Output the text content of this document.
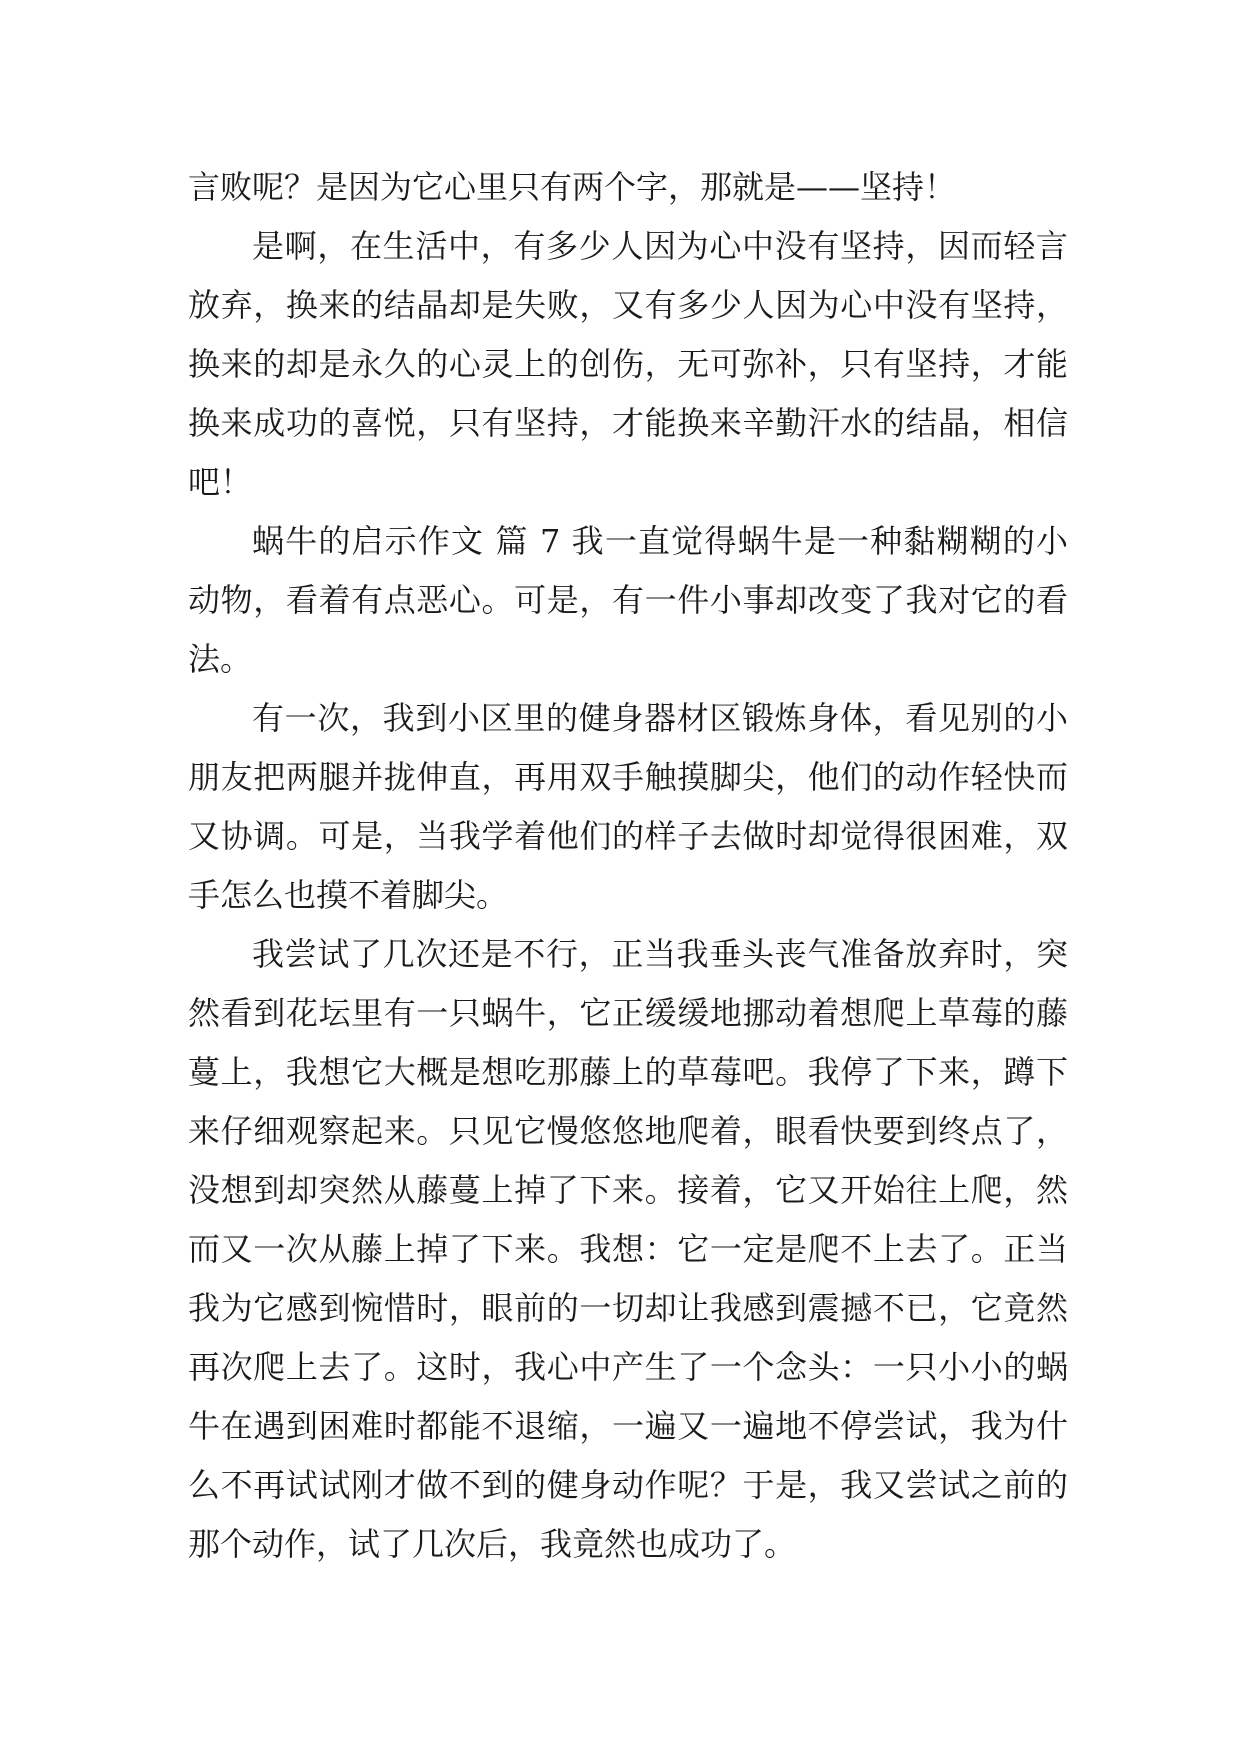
言败呢？是因为它心里只有两个字，那就是——坚持！

是啊，在生活中，有多少人因为心中没有坚持，因而轻言放弃，换来的结晶却是失败，又有多少人因为心中没有坚持，换来的却是永久的心灵上的创伤，无可弥补，只有坚持，才能换来成功的喜悦，只有坚持，才能换来辛勤汗水的结晶，相信吧！

蜗牛的启示作文 篇 7 我一直觉得蜗牛是一种黏糊糊的小动物，看着有点恶心。可是，有一件小事却改变了我对它的看法。

有一次，我到小区里的健身器材区锻炼身体，看见别的小朋友把两腿并拢伸直，再用双手触摸脚尖，他们的动作轻快而又协调。可是，当我学着他们的样子去做时却觉得很困难，双手怎么也摸不着脚尖。

我尝试了几次还是不行，正当我垂头丧气准备放弃时，突然看到花坛里有一只蜗牛，它正缓缓地挪动着想爬上草莓的藤蔓上，我想它大概是想吃那藤上的草莓吧。我停了下来，蹲下来仔细观察起来。只见它慢悠悠地爬着，眼看快要到终点了，没想到却突然从藤蔓上掉了下来。接着，它又开始往上爬，然而又一次从藤上掉了下来。我想：它一定是爬不上去了。正当我为它感到惋惜时，眼前的一切却让我感到震撼不已，它竟然再次爬上去了。这时，我心中产生了一个念头：一只小小的蜗牛在遇到困难时都能不退缩，一遍又一遍地不停尝试，我为什么不再试试刚才做不到的健身动作呢？于是，我又尝试之前的那个动作，试了几次后，我竟然也成功了。
